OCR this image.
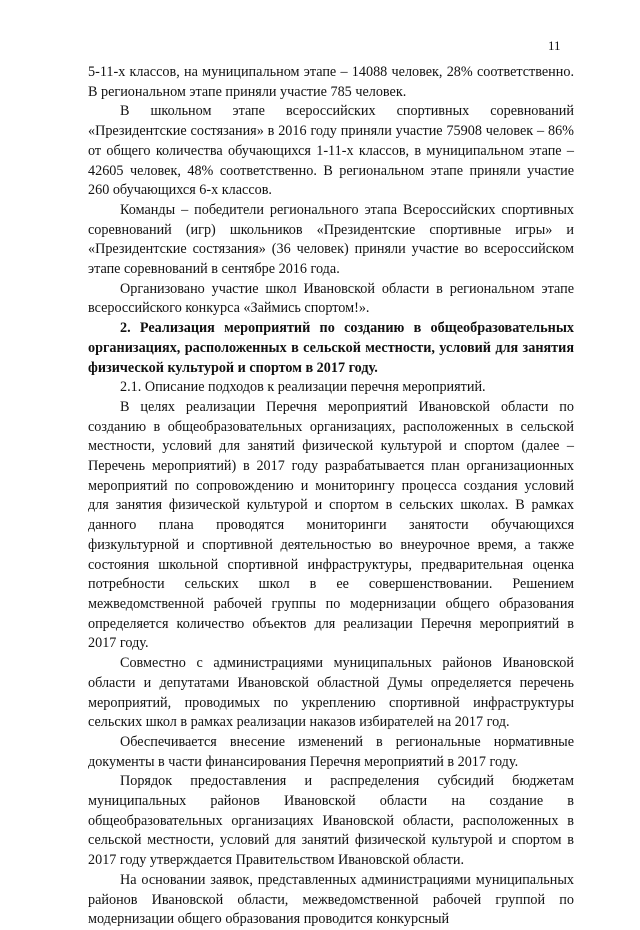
11

5-11-х классов, на муниципальном этапе – 14088 человек, 28% соответственно. В региональном этапе приняли участие 785 человек.

В школьном этапе всероссийских спортивных соревнований «Президентские состязания» в 2016 году приняли участие 75908 человек – 86% от общего количества обучающихся 1-11-х классов, в муниципальном этапе – 42605 человек, 48% соответственно. В региональном этапе приняли участие 260 обучающихся 6-х классов.

Команды – победители регионального этапа Всероссийских спортивных соревнований (игр) школьников «Президентские спортивные игры» и «Президентские состязания» (36 человек) приняли участие во всероссийском этапе соревнований в сентябре 2016 года.

Организовано участие школ Ивановской области в региональном этапе всероссийского конкурса «Займись спортом!».

2. Реализация мероприятий по созданию в общеобразовательных организациях, расположенных в сельской местности, условий для занятия физической культурой и спортом в 2017 году.

2.1. Описание подходов к реализации перечня мероприятий.

В целях реализации Перечня мероприятий Ивановской области по созданию в общеобразовательных организациях, расположенных в сельской местности, условий для занятий физической культурой и спортом (далее – Перечень мероприятий) в 2017 году разрабатывается план организационных мероприятий по сопровождению и мониторингу процесса создания условий для занятия физической культурой и спортом в сельских школах. В рамках данного плана проводятся мониторинги занятости обучающихся физкультурной и спортивной деятельностью во внеурочное время, а также состояния школьной спортивной инфраструктуры, предварительная оценка потребности сельских школ в ее совершенствовании. Решением межведомственной рабочей группы по модернизации общего образования определяется количество объектов для реализации Перечня мероприятий в 2017 году.

Совместно с администрациями муниципальных районов Ивановской области и депутатами Ивановской областной Думы определяется перечень мероприятий, проводимых по укреплению спортивной инфраструктуры сельских школ в рамках реализации наказов избирателей на 2017 год.

Обеспечивается внесение изменений в региональные нормативные документы в части финансирования Перечня мероприятий в 2017 году.

Порядок предоставления и распределения субсидий бюджетам муниципальных районов Ивановской области на создание в общеобразовательных организациях Ивановской области, расположенных в сельской местности, условий для занятий физической культурой и спортом в 2017 году утверждается Правительством Ивановской области.

На основании заявок, представленных администрациями муниципальных районов Ивановской области, межведомственной рабочей группой по модернизации общего образования проводится конкурсный
